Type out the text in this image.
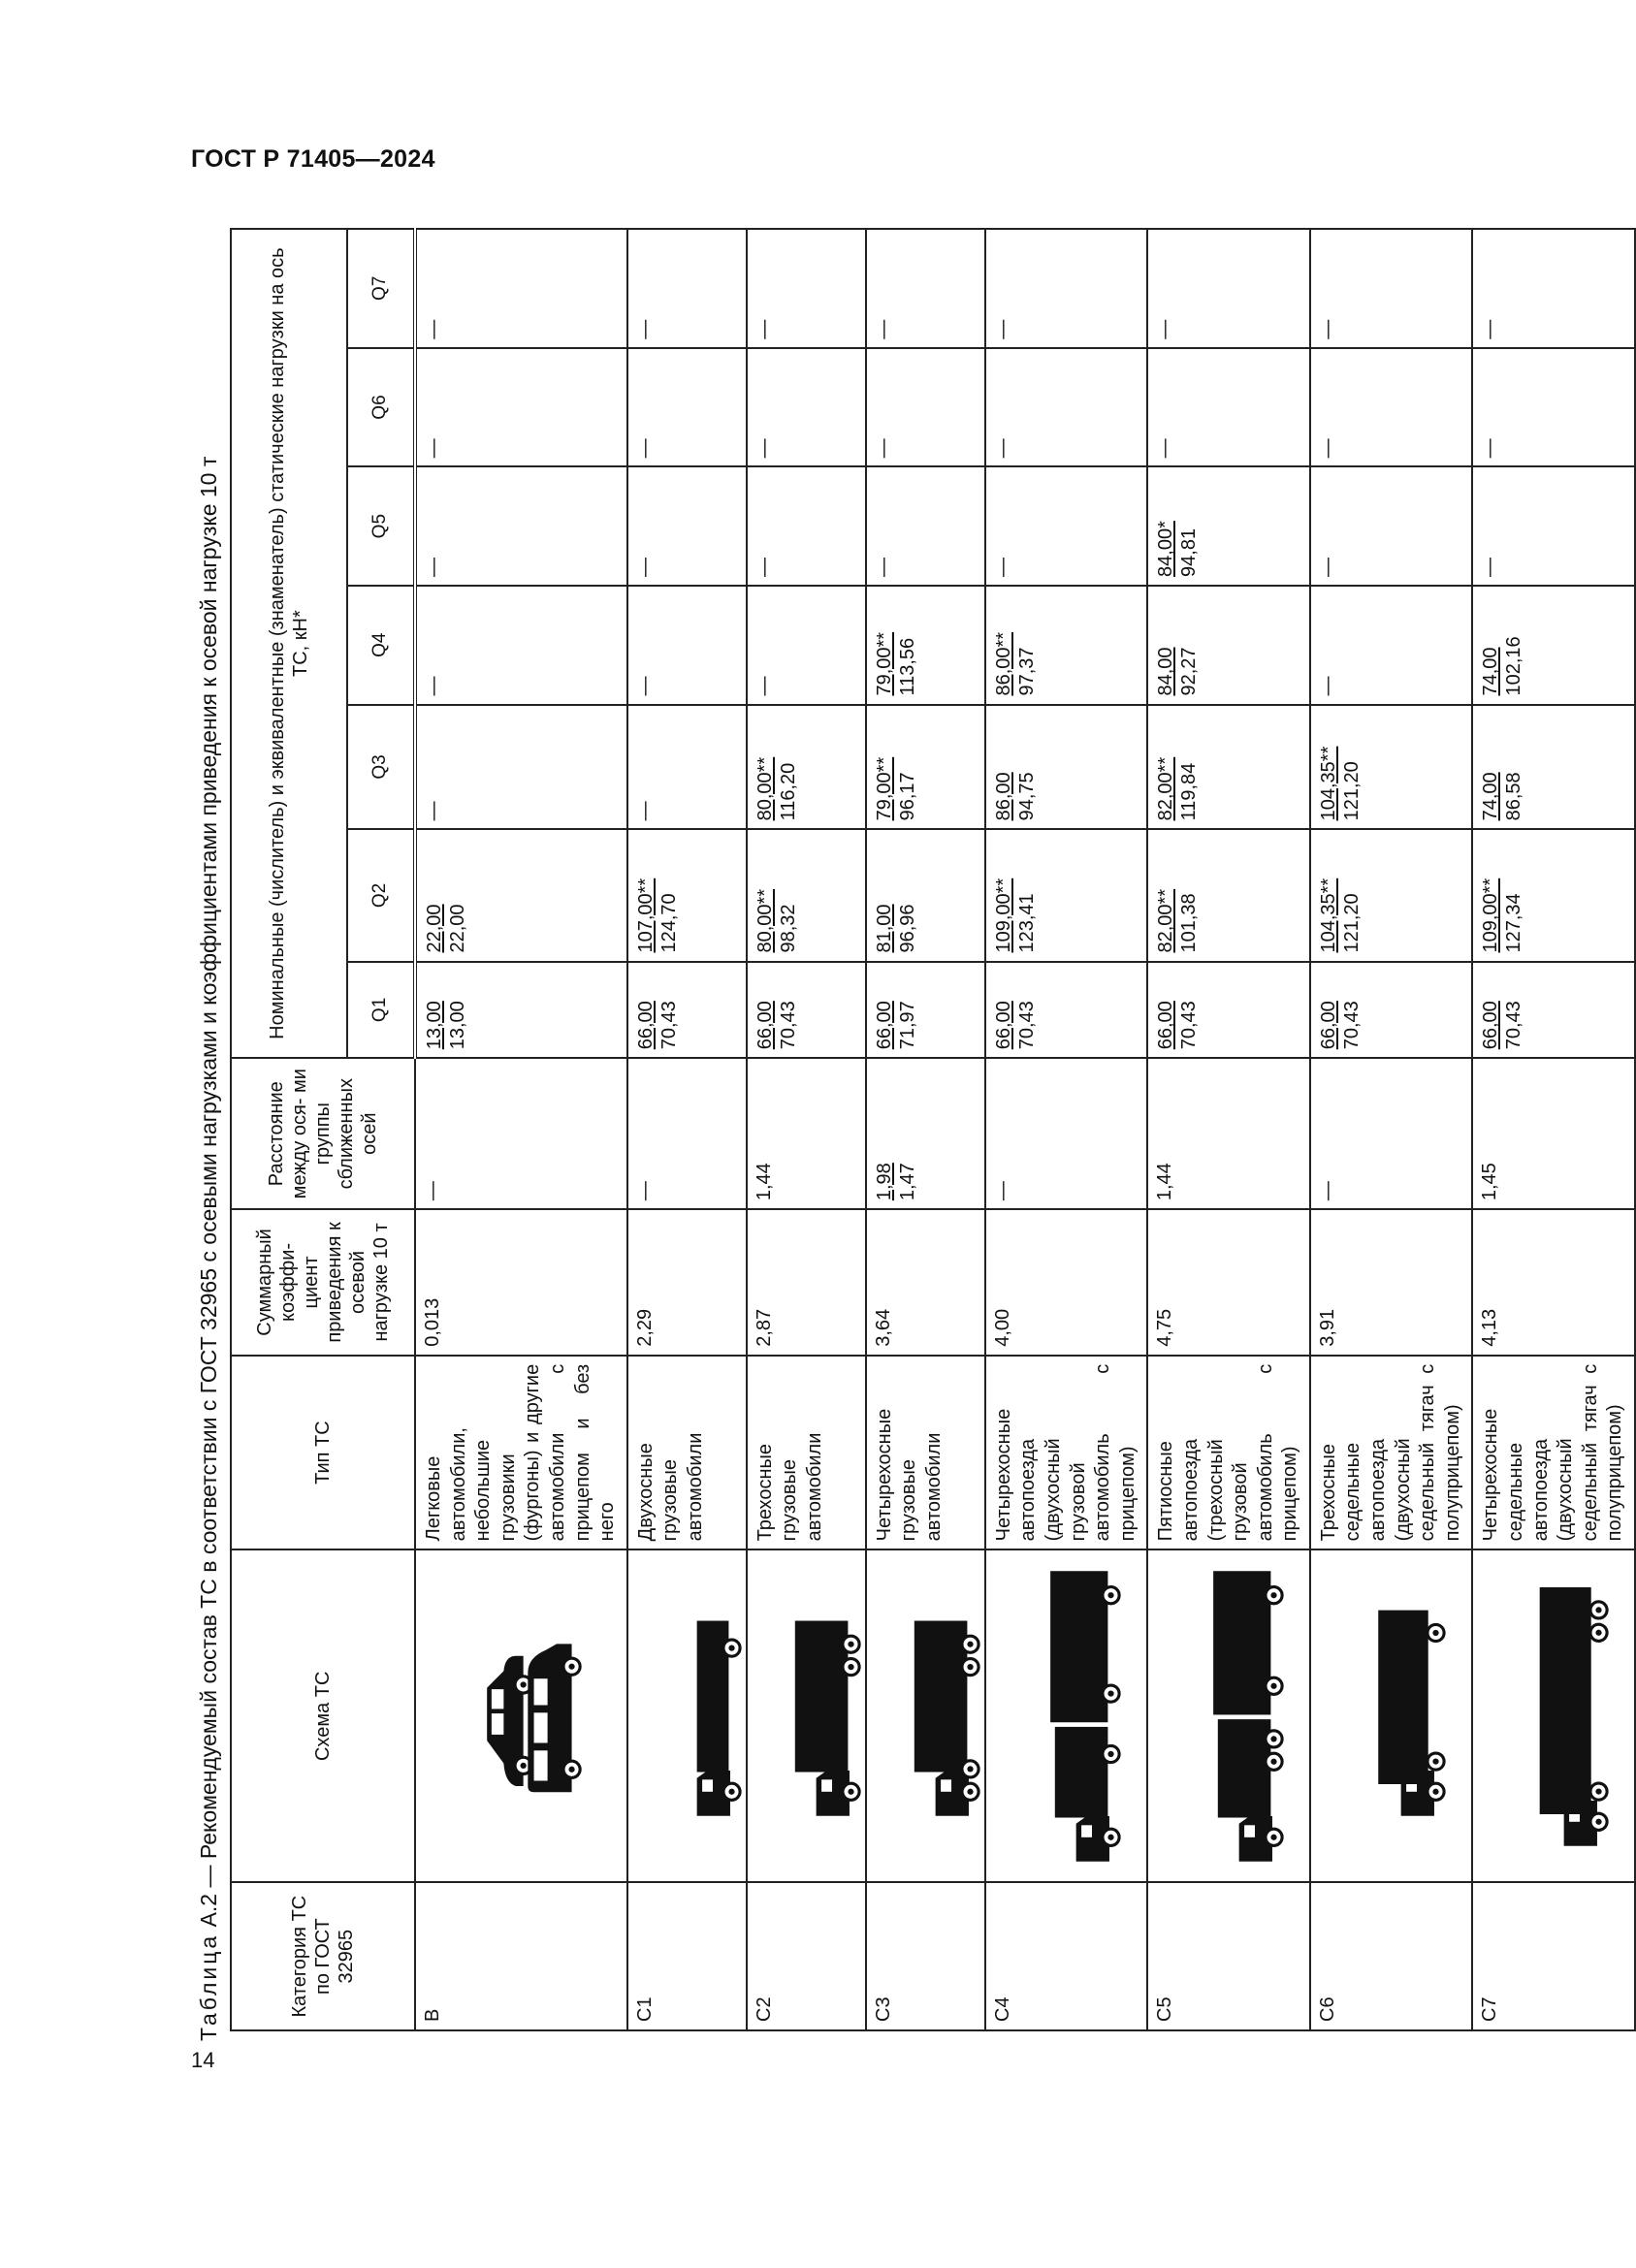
ГОСТ Р 71405—2024
14
Таблица А.2 — Рекомендуемый состав ТС в соответствии с ГОСТ 32965 с осевыми нагрузками и коэффициентами приведения к осевой нагрузке 10 т
Категория ТС по ГОСТ 32965	Схема ТС	Тип ТС	Суммарный коэффи- циент приведения к осевой нагрузке 10 т	Расстояние между ося- ми группы сближенных осей	Номинальные (числитель) и эквивалентные (знаменатель) статические нагрузки на ось ТС, кН*						
					Q1	Q2	Q3	Q4	Q5	Q6	Q7
B		Легковые автомобили, небольшие грузовики (фургоны) и другие автомобили с прицепом и без него	0,013	—	13,00 13,00	22,00 22,00	—	—	—	—	—
C1		Двухосные грузовые автомобили	2,29	—	66,00 70,43	107,00** 124,70	—	—	—	—	—
C2		Трехосные грузовые автомобили	2,87	1,44	66,00 70,43	80,00** 98,32	80,00** 116,20	—	—	—	—
C3		Четырехосные грузовые автомобили	3,64	1,98 1,47	66,00 71,97	81,00 96,96	79,00** 96,17	79,00** 113,56	—	—	—
C4		Четырехосные автопоезда (двухосный грузовой автомобиль с прицепом)	4,00	—	66,00 70,43	109,00** 123,41	86,00 94,75	86,00** 97,37	—	—	—
C5		Пятиосные автопоезда (трехосный грузовой автомобиль с прицепом)	4,75	1,44	66,00 70,43	82,00** 101,38	82,00** 119,84	84,00 92,27	84,00* 94,81	—	—
C6		Трехосные седельные автопоезда (двухосный седельный тягач с полуприцепом)	3,91	—	66,00 70,43	104,35** 121,20	104,35** 121,20	—	—	—	—
C7		Четырехосные седельные автопоезда (двухосный седельный тягач с полуприцепом)	4,13	1,45	66,00 70,43	109,00** 127,34	74,00 86,58	74,00 102,16	—	—	—
